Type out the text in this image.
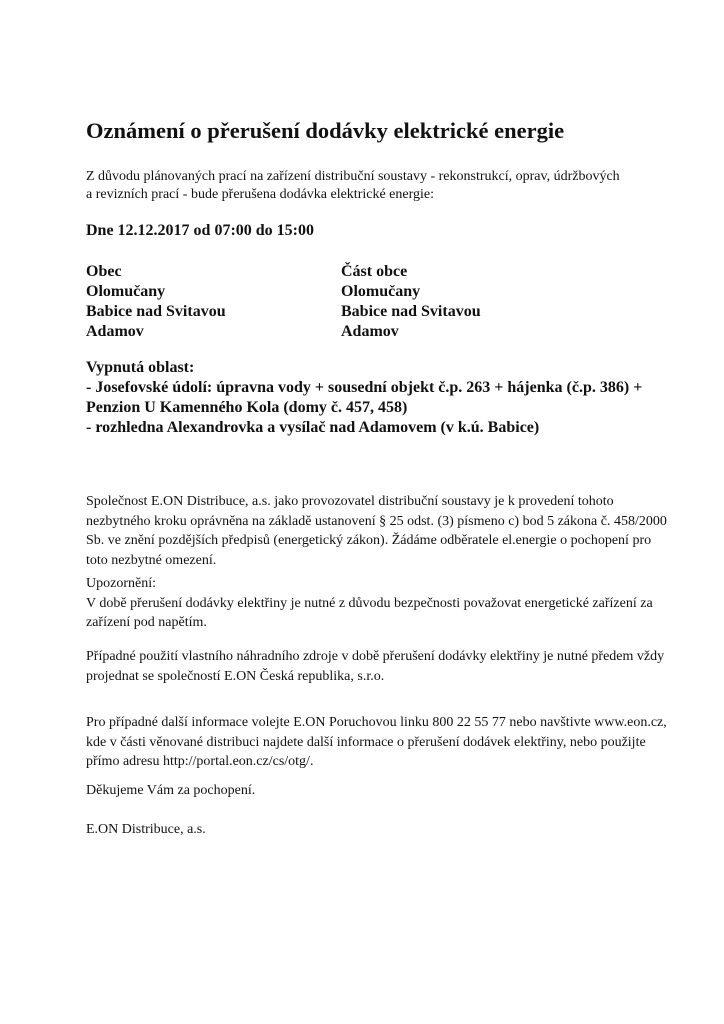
Oznámení o přerušení dodávky elektrické energie
Z důvodu plánovaných prací na zařízení distribuční soustavy - rekonstrukcí, oprav, údržbových
a revizních prací - bude přerušena dodávka elektrické energie:
Dne 12.12.2017 od 07:00 do 15:00
Obec
Olomučany
Babice nad Svitavou
Adamov
Část obce
Olomučany
Babice nad Svitavou
Adamov
Vypnutá oblast:
- Josefovské údolí: úpravna vody + sousední objekt č.p. 263 + hájenka (č.p. 386) +
Penzion U Kamenného Kola (domy č. 457, 458)
- rozhledna Alexandrovka a vysílač nad Adamovem (v k.ú. Babice)
Společnost E.ON Distribuce, a.s. jako provozovatel distribuční soustavy je k provedení tohoto
nezbytného kroku oprávněna na základě ustanovení § 25 odst. (3) písmeno c) bod 5 zákona č. 458/2000
Sb. ve znění pozdějších předpisů (energetický zákon). Žádáme odběratele el.energie o pochopení pro
toto nezbytné omezení.
Upozornění:
V době přerušení dodávky elektřiny je nutné z důvodu bezpečnosti považovat energetické zařízení za
zařízení pod napětím.
Případné použití vlastního náhradního zdroje v době přerušení dodávky elektřiny je nutné předem vždy
projednat se společností E.ON Česká republika, s.r.o.
Pro případné další informace volejte E.ON Poruchovou linku 800 22 55 77 nebo navštivte www.eon.cz,
kde v části věnované distribuci najdete další informace o přerušení dodávek elektřiny, nebo použijte
přímo adresu http://portal.eon.cz/cs/otg/.
Děkujeme Vám za pochopení.
E.ON Distribuce, a.s.
